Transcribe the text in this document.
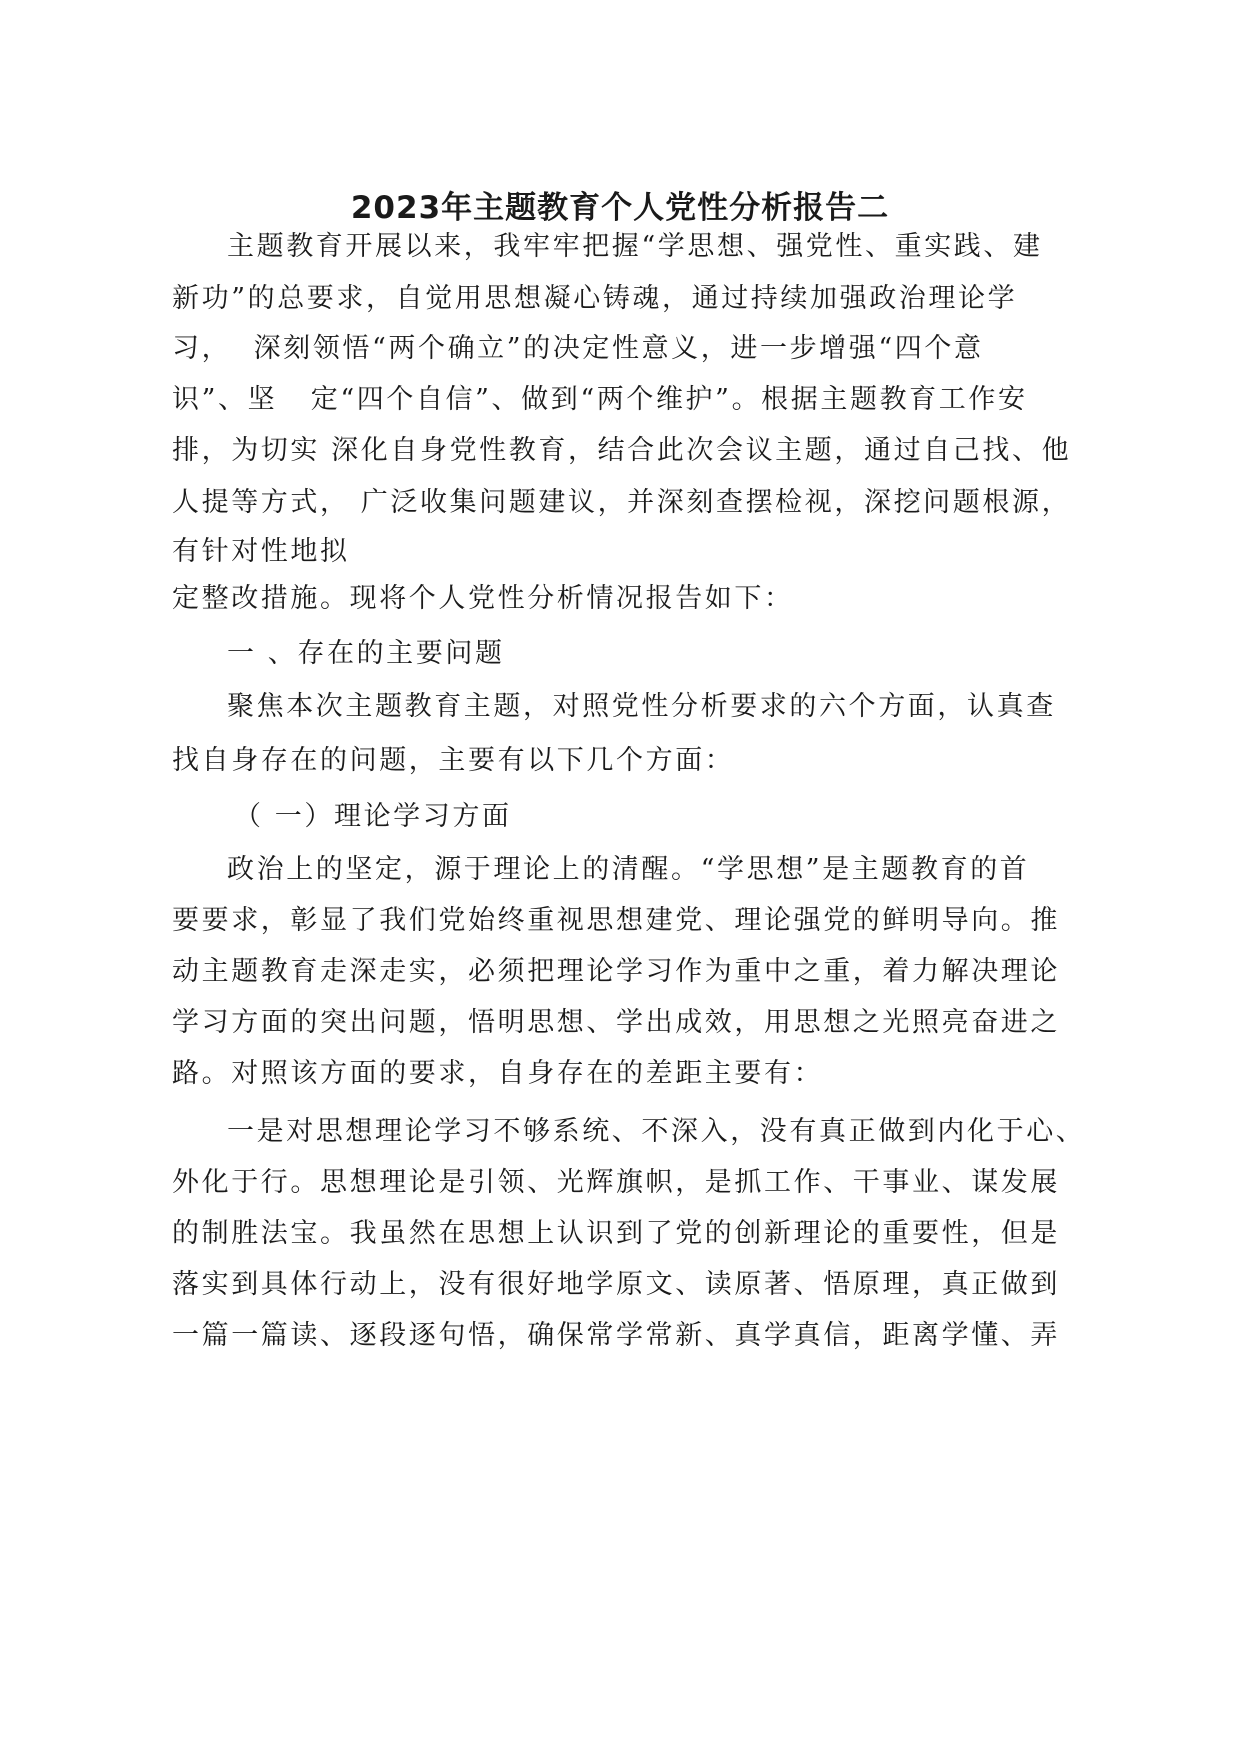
2023年主题教育个人党性分析报告二
主题教育开展以来，我牢牢把握“学思想、强党性、重实践、建
新功”的总要求，自觉用思想凝心铸魂，通过持续加强政治理论学
习，  深刻领悟“两个确立”的决定性意义，进一步增强“四个意
识”、坚   定“四个自信”、做到“两个维护”。根据主题教育工作安
排，为切实 深化自身党性教育，结合此次会议主题，通过自己找、他
人提等方式， 广泛收集问题建议，并深刻查摆检视，深挖问题根源，
有针对性地拟
定整改措施。现将个人党性分析情况报告如下：
一 、存在的主要问题
聚焦本次主题教育主题，对照党性分析要求的六个方面，认真查
找自身存在的问题，主要有以下几个方面：
（ 一）理论学习方面
政治上的坚定，源于理论上的清醒。“学思想”是主题教育的首
要要求，彰显了我们党始终重视思想建党、理论强党的鲜明导向。推
动主题教育走深走实，必须把理论学习作为重中之重，着力解决理论
学习方面的突出问题，悟明思想、学出成效，用思想之光照亮奋进之
路。对照该方面的要求，自身存在的差距主要有：
一是对思想理论学习不够系统、不深入，没有真正做到内化于心、
外化于行。思想理论是引领、光辉旗帜，是抓工作、干事业、谋发展
的制胜法宝。我虽然在思想上认识到了党的创新理论的重要性，但是
落实到具体行动上，没有很好地学原文、读原著、悟原理，真正做到
一篇一篇读、逐段逐句悟，确保常学常新、真学真信，距离学懂、弄
